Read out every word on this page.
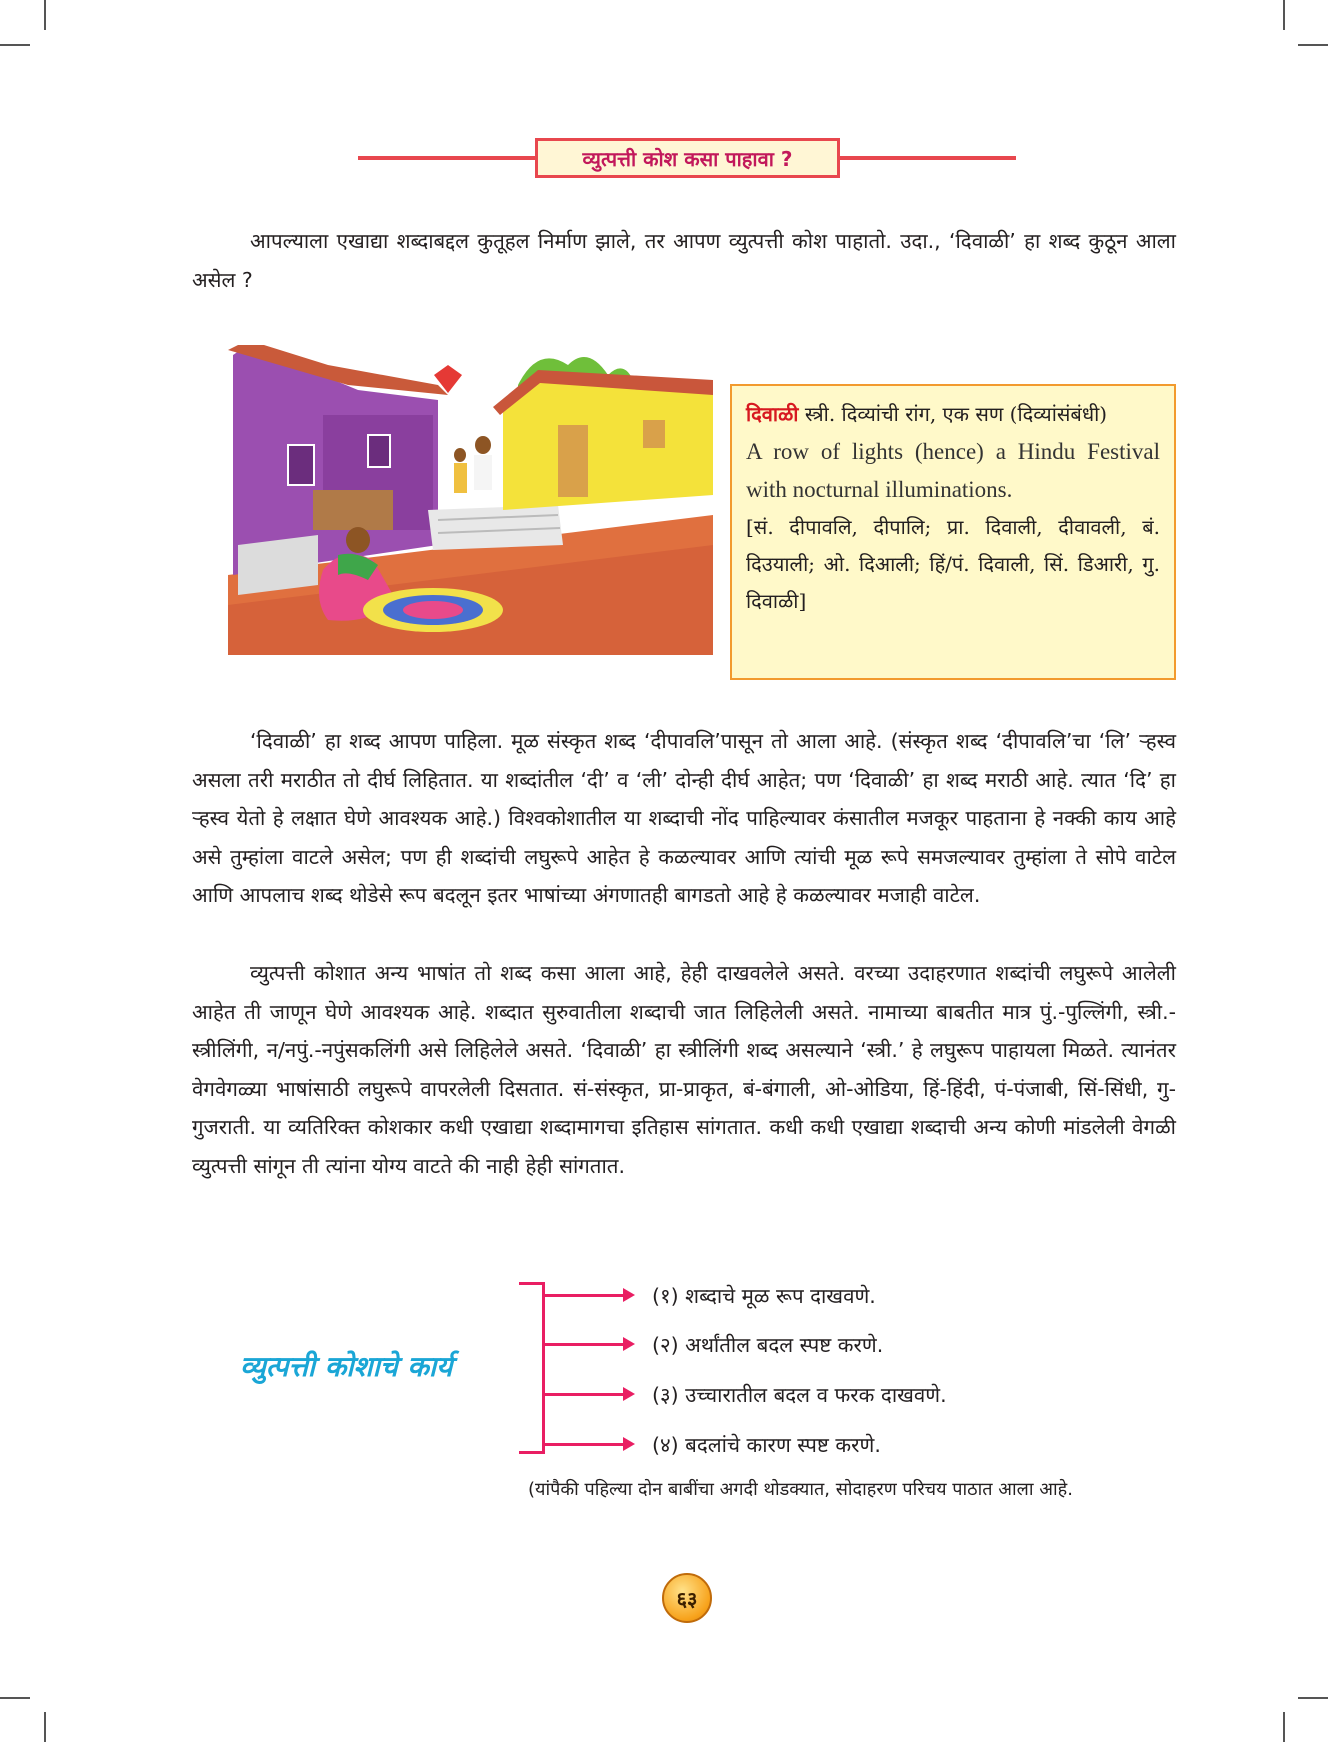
व्युत्पत्ती कोश कसा पाहावा ?

आपल्याला एखाद्या शब्दाबद्दल कुतूहल निर्माण झाले, तर आपण व्युत्पत्ती कोश पाहातो. उदा., ‘दिवाळी’ हा शब्द कुठून आला असेल ?

दिवाळी स्त्री. दिव्यांची रांग, एक सण (दिव्यांसंबंधी)
A row of lights (hence) a Hindu Festival with nocturnal illuminations.
[सं. दीपावलि, दीपालि; प्रा. दिवाली, दीवावली, बं. दिउयाली; ओ. दिआली; हिं/पं. दिवाली, सिं. डिआरी, गु. दिवाळी]

‘दिवाळी’ हा शब्द आपण पाहिला. मूळ संस्कृत शब्द ‘दीपावलि’पासून तो आला आहे. (संस्कृत शब्द ‘दीपावलि’चा ‘लि’ ऱ्हस्व असला तरी मराठीत तो दीर्घ लिहितात. या शब्दांतील ‘दी’ व ‘ली’ दोन्ही दीर्घ आहेत; पण ‘दिवाळी’ हा शब्द मराठी आहे. त्यात ‘दि’ हा ऱ्हस्व येतो हे लक्षात घेणे आवश्यक आहे.) विश्वकोशातील या शब्दाची नोंद पाहिल्यावर कंसातील मजकूर पाहताना हे नक्की काय आहे असे तुम्हांला वाटले असेल; पण ही शब्दांची लघुरूपे आहेत हे कळल्यावर आणि त्यांची मूळ रूपे समजल्यावर तुम्हांला ते सोपे वाटेल आणि आपलाच शब्द थोडेसे रूप बदलून इतर भाषांच्या अंगणातही बागडतो आहे हे कळल्यावर मजाही वाटेल.

व्युत्पत्ती कोशात अन्य भाषांत तो शब्द कसा आला आहे, हेही दाखवलेले असते. वरच्या उदाहरणात शब्दांची लघुरूपे आलेली आहेत ती जाणून घेणे आवश्यक आहे. शब्दात सुरुवातीला शब्दाची जात लिहिलेली असते. नामाच्या बाबतीत मात्र पुं.-पुल्लिंगी, स्त्री.- स्त्रीलिंगी, न/नपुं.-नपुंसकलिंगी असे लिहिलेले असते. ‘दिवाळी’ हा स्त्रीलिंगी शब्द असल्याने ‘स्त्री.’ हे लघुरूप पाहायला मिळते. त्यानंतर वेगवेगळ्या भाषांसाठी लघुरूपे वापरलेली दिसतात. सं-संस्कृत, प्रा-प्राकृत, बं-बंगाली, ओ-ओडिया, हिं-हिंदी, पं-पंजाबी, सिं-सिंधी, गु-गुजराती. या व्यतिरिक्त कोशकार कधी एखाद्या शब्दामागचा इतिहास सांगतात. कधी कधी एखाद्या शब्दाची अन्य कोणी मांडलेली वेगळी व्युत्पत्ती सांगून ती त्यांना योग्य वाटते की नाही हेही सांगतात.

व्युत्पत्ती कोशाचे कार्य
(१) शब्दाचे मूळ रूप दाखवणे.
(२) अर्थांतील बदल स्पष्ट करणे.
(३) उच्चारातील बदल व फरक दाखवणे.
(४) बदलांचे कारण स्पष्ट करणे.
(यांपैकी पहिल्या दोन बाबींचा अगदी थोडक्यात, सोदाहरण परिचय पाठात आला आहे.
६३
